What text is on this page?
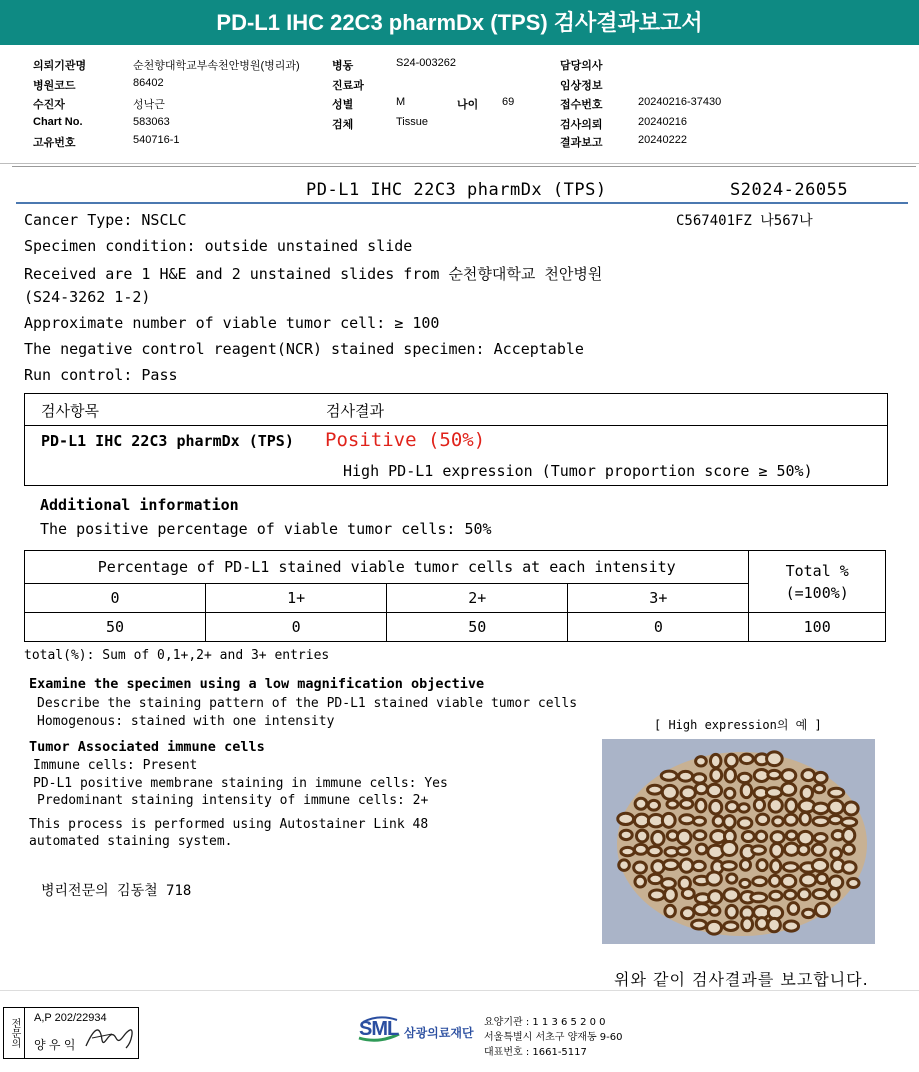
PD-L1 IHC 22C3 pharmDx (TPS) 검사결과보고서
의뢰기관명	순천향대학교부속천안병원(병리과)
병원코드	86402
수진자	성낙근
Chart No.	583063
고유번호	540716-1
병동	S24-003262
진료과
성별	M	나이 69
검체	Tissue
담당의사
임상정보
접수번호	20240216-37430
검사의뢰	20240216
결과보고	20240222
PD-L1 IHC 22C3 pharmDx (TPS)	S2024-26055
C567401FZ 나567나
Cancer Type: NSCLC
Specimen condition: outside unstained slide
Received are 1 H&E and 2 unstained slides from 순천향대학교 천안병원
(S24-3262 1-2)
Approximate number of viable tumor cell: ≥ 100
The negative control reagent(NCR) stained specimen: Acceptable
Run control: Pass
검사항목	검사결과
PD-L1 IHC 22C3 pharmDx (TPS) Positive (50%)
High PD-L1 expression (Tumor proportion score ≥ 50%)
Additional information
The positive percentage of viable tumor cells: 50%
Percentage of PD-L1 stained viable tumor cells at each intensity				Total %
(=100%)

0	1+	2+	3+	
50	0	50	0	100
total(%): Sum of 0,1+,2+ and 3+ entries
Examine the specimen using a low magnification objective
Describe the staining pattern of the PD-L1 stained viable tumor cells
Homogenous: stained with one intensity	[ High expression의 예 ]
Tumor Associated immune cells
Immune cells: Present
PD-L1 positive membrane staining in immune cells: Yes
Predominant staining intensity of immune cells: 2+
This process is performed using Autostainer Link 48
automated staining system.
병리전문의 김동철 718
위와 같이 검사결과를 보고합니다.
전문의	A,P 202/22934
양 우 익
SML 삼광의료재단
요양기관 : 1 1 3 6 5 2 0 0
서울특별시 서초구 양재동 9-60
대표번호 : 1661-5117
